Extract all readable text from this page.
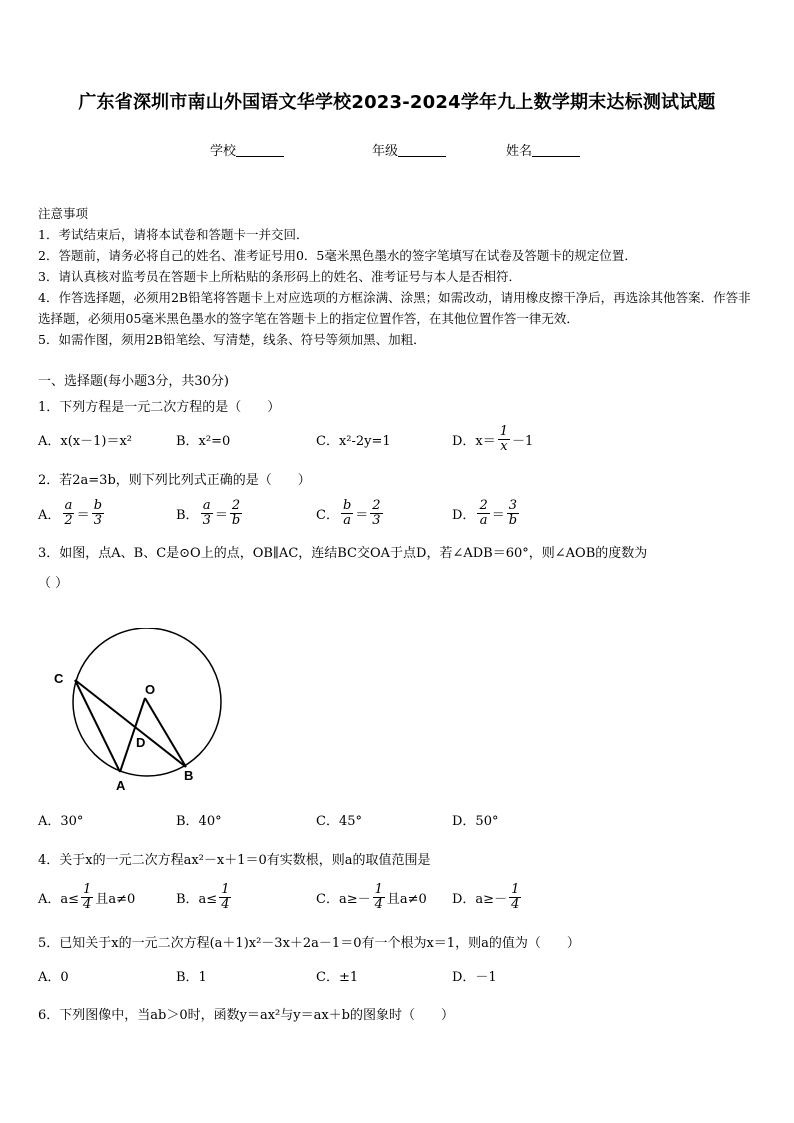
广东省深圳市南山外国语文华学校2023-2024学年九上数学期末达标测试试题
学校	年级	姓名
注意事项
1．考试结束后，请将本试卷和答题卡一并交回．
2．答题前，请务必将自己的姓名、准考证号用0．5毫米黑色墨水的签字笔填写在试卷及答题卡的规定位置．
3．请认真核对监考员在答题卡上所粘贴的条形码上的姓名、准考证号与本人是否相符．
4．作答选择题，必须用2B铅笔将答题卡上对应选项的方框涂满、涂黑；如需改动，请用橡皮擦干净后，再选涂其他答案．作答非选择题，必须用05毫米黑色墨水的签字笔在答题卡上的指定位置作答，在其他位置作答一律无效．
5．如需作图，须用2B铅笔绘、写清楚，线条、符号等须加黑、加粗．
一、选择题(每小题3分，共30分)
1．下列方程是一元二次方程的是（　　）
A．x(x－1)＝x²	B．x²=0	C．x²-2y=1	D．$x= \frac{1}{x} -1$
2．若2a=3b，则下列比列式正确的是（　　）
A． $\frac{a}{2} = \frac{b}{3}$	B． $\frac{a}{3} = \frac{2}{b}$	C． $\frac{b}{a} = \frac{2}{3}$	D． $\frac{2}{a} = \frac{3}{b}$
3．如图，点A、B、C是⊙O上的点，OB∥AC，连结BC交OA于点D，若∠ADB＝60°，则∠AOB的度数为
（ ）
C
O
D
A
B
A．30°	B．40°	C．45°	D．50°
4．关于x的一元二次方程ax²－x＋1＝0有实数根，则a的取值范围是
A．$a\le \frac{1}{4}$ 且a≠0	B．$a\le \frac{1}{4}$	C．$a\ge- \frac{1}{4}$ 且a≠0 D．$a\ge- \frac{1}{4}$
5．已知关于x的一元二次方程(a＋1)x²－3x＋2a－1＝0有一个根为x＝1，则a的值为（　　）
A．0	B．1	C．±1	D．－1
6．下列图像中，当ab＞0时，函数y＝ax²与y＝ax＋b的图象时（　　）
